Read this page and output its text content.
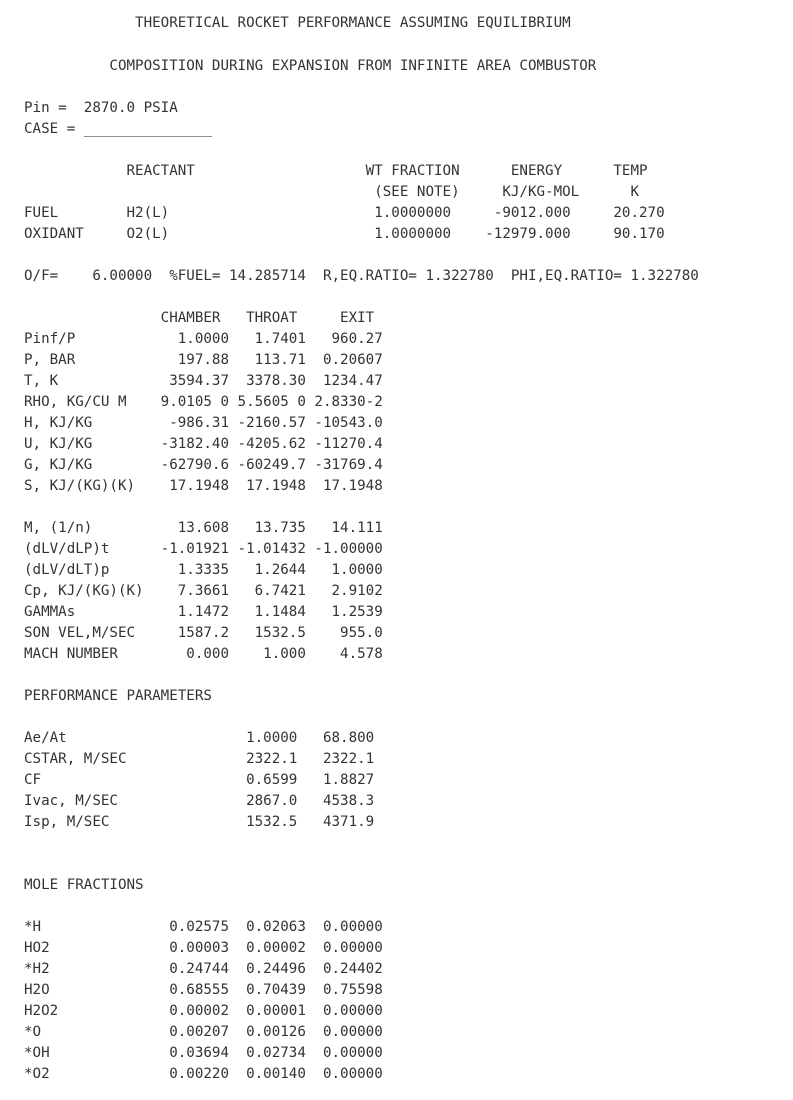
THEORETICAL ROCKET PERFORMANCE ASSUMING EQUILIBRIUM
COMPOSITION DURING EXPANSION FROM INFINITE AREA COMBUSTOR
Pin =  2870.0 PSIA
CASE = _______________
REACTANT                    WT FRACTION      ENERGY      TEMP
(SEE NOTE)     KJ/KG-MOL      K
FUEL        H2(L)                        1.0000000     -9012.000     20.270
OXIDANT     O2(L)                        1.0000000    -12979.000     90.170
O/F=    6.00000  %FUEL= 14.285714  R,EQ.RATIO= 1.322780  PHI,EQ.RATIO= 1.322780
CHAMBER   THROAT     EXIT
Pinf/P            1.0000   1.7401   960.27
P, BAR            197.88   113.71  0.20607
T, K             3594.37  3378.30  1234.47
RHO, KG/CU M    9.0105 0 5.5605 0 2.8330-2
H, KJ/KG         -986.31 -2160.57 -10543.0
U, KJ/KG        -3182.40 -4205.62 -11270.4
G, KJ/KG        -62790.6 -60249.7 -31769.4
S, KJ/(KG)(K)    17.1948  17.1948  17.1948
M, (1/n)          13.608   13.735   14.111
(dLV/dLP)t      -1.01921 -1.01432 -1.00000
(dLV/dLT)p        1.3335   1.2644   1.0000
Cp, KJ/(KG)(K)    7.3661   6.7421   2.9102
GAMMAs            1.1472   1.1484   1.2539
SON VEL,M/SEC     1587.2   1532.5    955.0
MACH NUMBER        0.000    1.000    4.578
PERFORMANCE PARAMETERS
Ae/At                     1.0000   68.800
CSTAR, M/SEC              2322.1   2322.1
CF                        0.6599   1.8827
Ivac, M/SEC               2867.0   4538.3
Isp, M/SEC                1532.5   4371.9
MOLE FRACTIONS
*H               0.02575  0.02063  0.00000
HO2              0.00003  0.00002  0.00000
*H2              0.24744  0.24496  0.24402
H2O              0.68555  0.70439  0.75598
H2O2             0.00002  0.00001  0.00000
*O               0.00207  0.00126  0.00000
*OH              0.03694  0.02734  0.00000
*O2              0.00220  0.00140  0.00000
